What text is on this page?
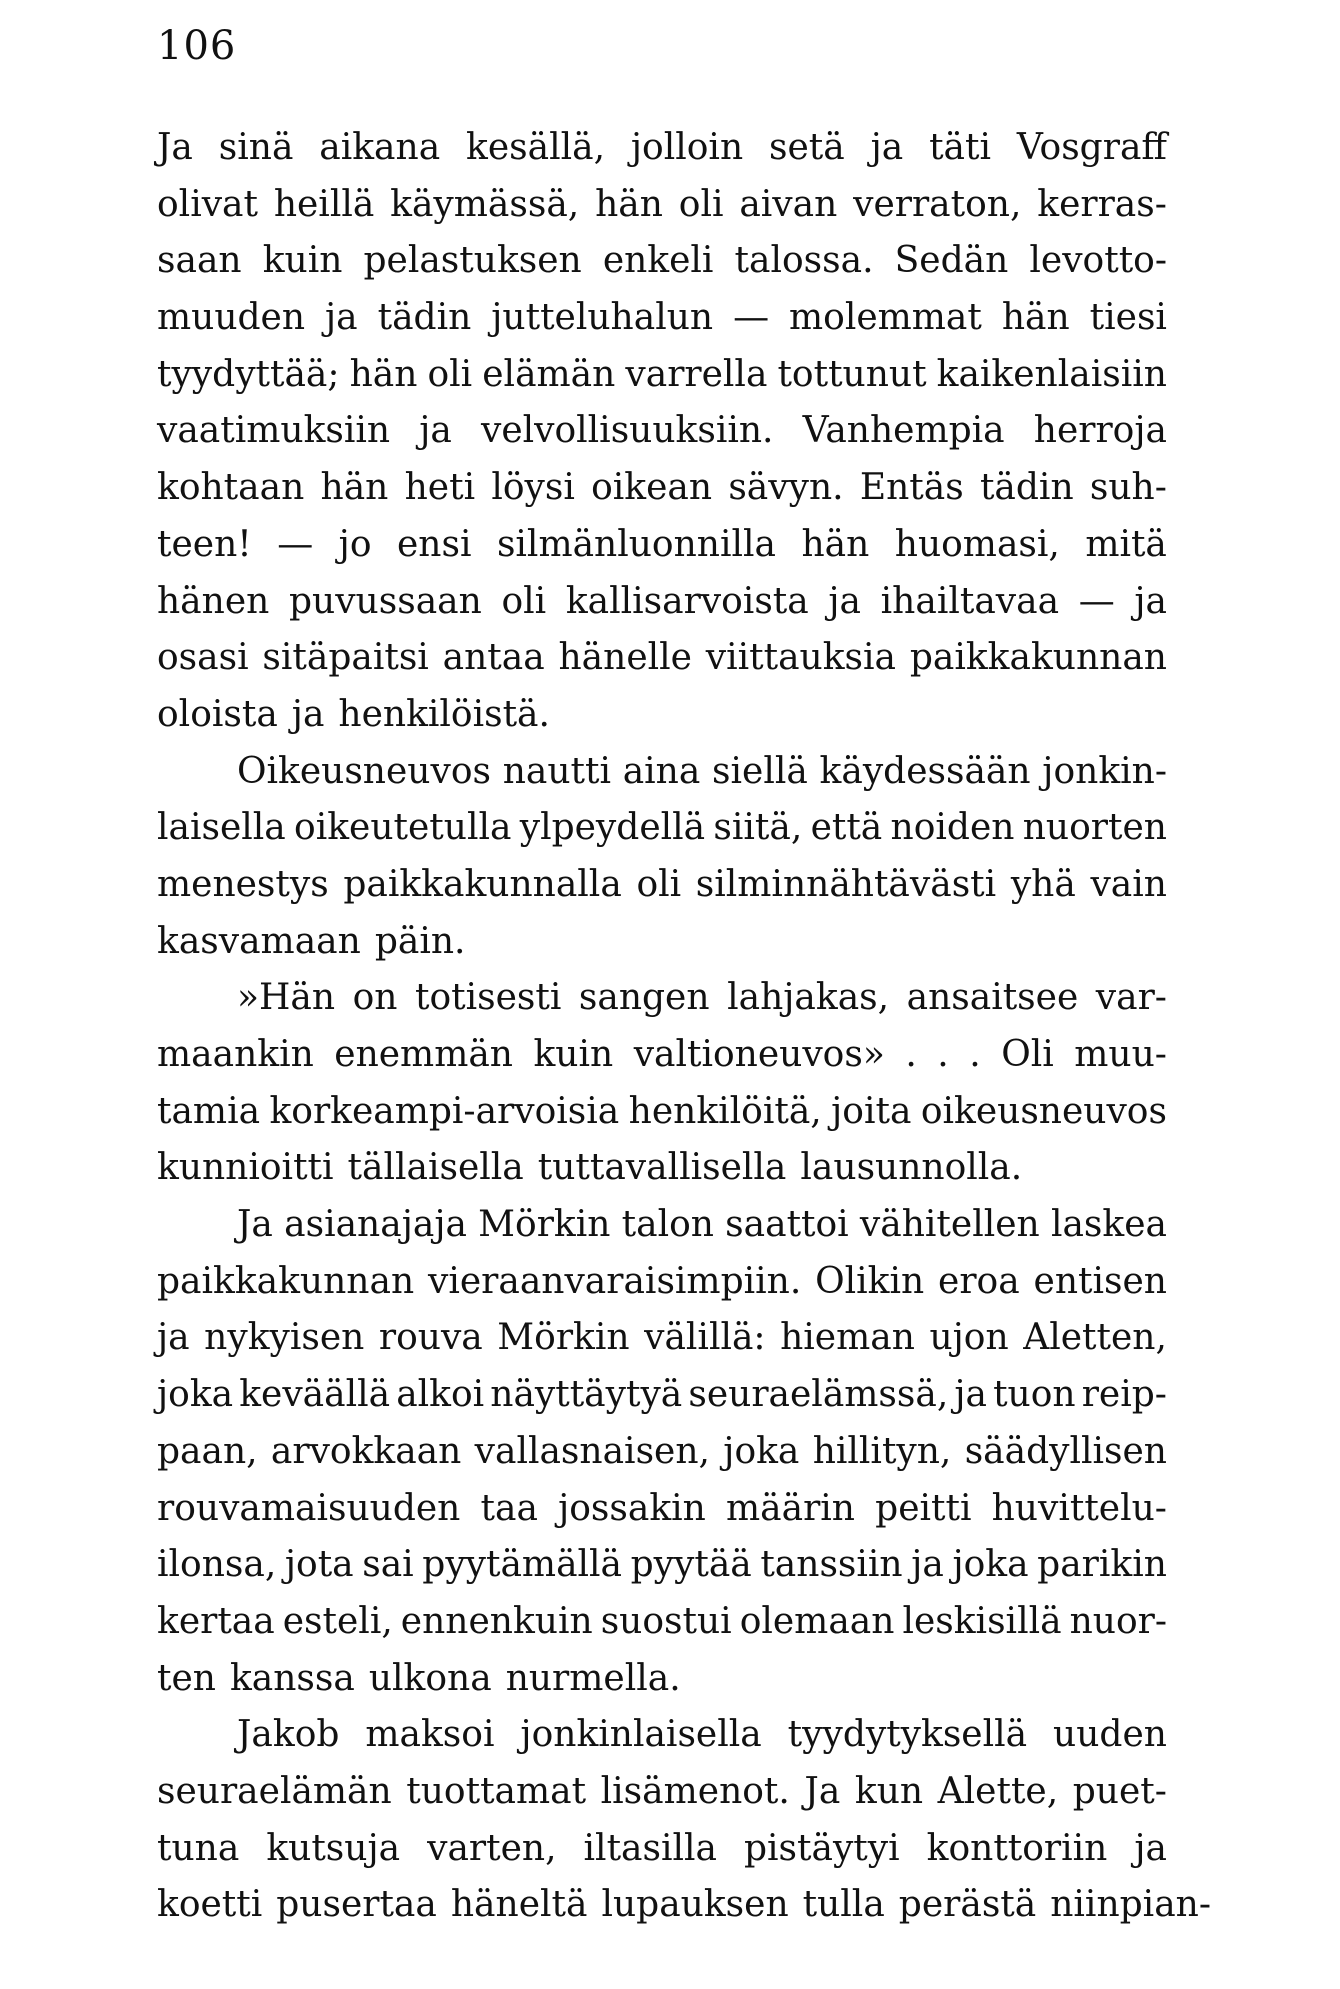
106
Ja sinä aikana kesällä, jolloin setä ja täti Vosgraff
olivat heillä käymässä, hän oli aivan verraton, kerras-
saan kuin pelastuksen enkeli talossa. Sedän levotto-
muuden ja tädin jutteluhalun — molemmat hän tiesi
tyydyttää; hän oli elämän varrella tottunut kaikenlaisiin
vaatimuksiin ja velvollisuuksiin. Vanhempia herroja
kohtaan hän heti löysi oikean sävyn. Entäs tädin suh-
teen! — jo ensi silmänluonnilla hän huomasi, mitä
hänen puvussaan oli kallisarvoista ja ihailtavaa — ja
osasi sitäpaitsi antaa hänelle viittauksia paikkakunnan
oloista ja henkilöistä.
Oikeusneuvos nautti aina siellä käydessään jonkin-
laisella oikeutetulla ylpeydellä siitä, että noiden nuorten
menestys paikkakunnalla oli silminnähtävästi yhä vain
kasvamaan päin.
»Hän on totisesti sangen lahjakas, ansaitsee var-
maankin enemmän kuin valtioneuvos» . . . Oli muu-
tamia korkeampi-arvoisia henkilöitä, joita oikeusneuvos
kunnioitti tällaisella tuttavallisella lausunnolla.
Ja asianajaja Mörkin talon saattoi vähitellen laskea
paikkakunnan vieraanvaraisimpiin. Olikin eroa entisen
ja nykyisen rouva Mörkin välillä: hieman ujon Aletten,
joka keväällä alkoi näyttäytyä seuraelämssä, ja tuon reip-
paan, arvokkaan vallasnaisen, joka hillityn, säädyllisen
rouvamaisuuden taa jossakin määrin peitti huvittelu-
ilonsa, jota sai pyytämällä pyytää tanssiin ja joka parikin
kertaa esteli, ennenkuin suostui olemaan leskisillä nuor-
ten kanssa ulkona nurmella.
Jakob maksoi jonkinlaisella tyydytyksellä uuden
seuraelämän tuottamat lisämenot. Ja kun Alette, puet-
tuna kutsuja varten, iltasilla pistäytyi konttoriin ja
koetti pusertaa häneltä lupauksen tulla perästä niinpian-
